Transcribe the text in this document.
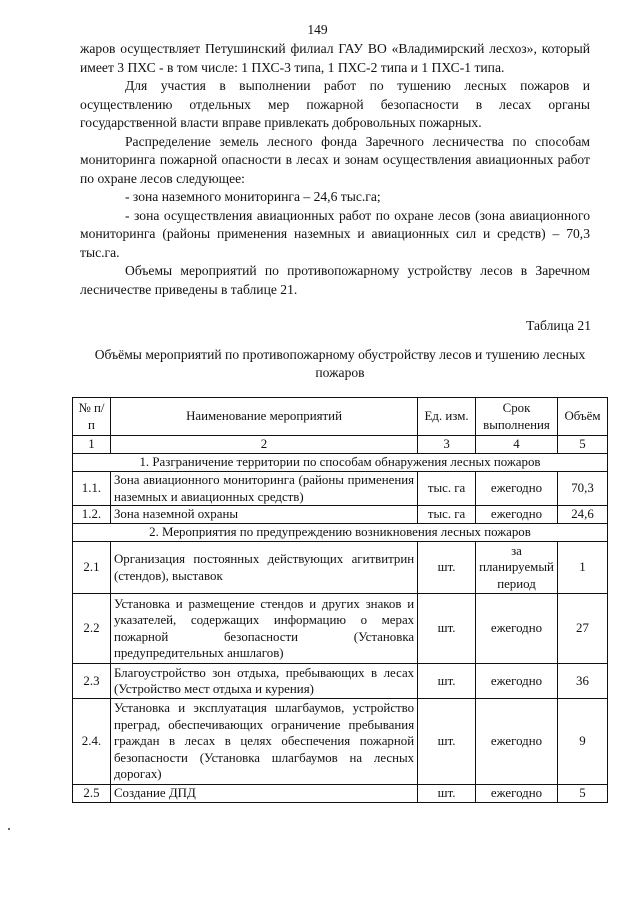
149

жаров осуществляет Петушинский филиал ГАУ ВО «Владимирский лесхоз», который имеет 3 ПХС - в том числе: 1 ПХС-3 типа, 1 ПХС-2 типа и 1 ПХС-1 типа.

Для участия в выполнении работ по тушению лесных пожаров и осуществлению отдельных мер пожарной безопасности в лесах органы государственной власти вправе привлекать добровольных пожарных.

Распределение земель лесного фонда Заречного лесничества по способам мониторинга пожарной опасности в лесах и зонам осуществления авиационных работ по охране лесов следующее:

- зона наземного мониторинга – 24,6 тыс.га;

- зона осуществления авиационных работ по охране лесов (зона авиационного мониторинга (районы применения наземных и авиационных сил и средств) – 70,3 тыс.га.

Объемы мероприятий по противопожарному устройству лесов в Заречном лесничестве приведены в таблице 21.

Таблица 21
Объёмы мероприятий по противопожарному обустройству лесов и тушению лесных пожаров
№ п/п	Наименование мероприятий	Ед. изм.	Срок выполнения	Объём
1	2	3	4	5
1. Разграничение территории по способам обнаружения лесных пожаров				
1.1.	Зона авиационного мониторинга (районы применения наземных и авиационных средств)	тыс. га	ежегодно	70,3
1.2.	Зона наземной охраны	тыс. га	ежегодно	24,6
2. Мероприятия по предупреждению возникновения лесных пожаров				
2.1	Организация постоянных действующих агитвитрин (стендов), выставок	шт.	за планируемый период	1
2.2	Установка и размещение стендов и других знаков и указателей, содержащих информацию о мерах пожарной безопасности (Установка предупредительных аншлагов)	шт.	ежегодно	27
2.3	Благоустройство зон отдыха, пребывающих в лесах (Устройство мест отдыха и курения)	шт.	ежегодно	36
2.4.	Установка и эксплуатация шлагбаумов, устройство преград, обеспечивающих ограничение пребывания граждан в лесах в целях обеспечения пожарной безопасности (Установка шлагбаумов на лесных дорогах)	шт.	ежегодно	9
2.5	Создание ДПД	шт.	ежегодно	5
